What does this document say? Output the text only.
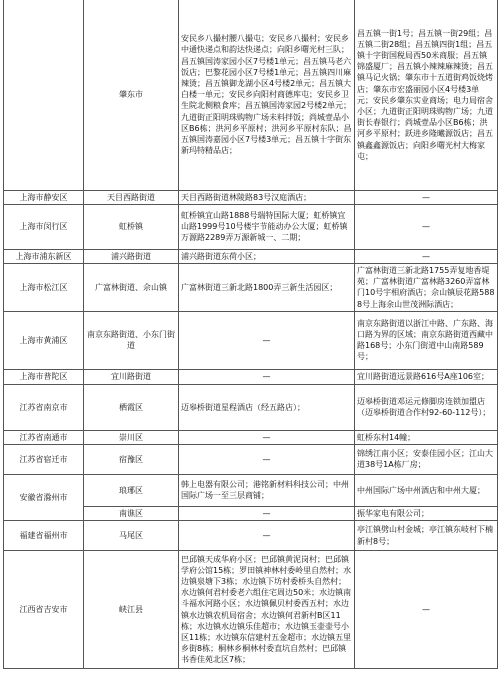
	肇东市	安民乡八撮村腰八撮屯；安民乡八撮村；安民乡中通快递点和韵达快递点；向阳乡曙光村三队；昌五镇国涛家园小区7号楼1单元；昌五镇马老六饭店；巴黎花园小区7号楼1单元；昌五镇四川麻辣烫；昌五镇御龙湖小区4号楼2单元；昌五镇大白楼一单元；安民乡向阳村商德库屯；安民乡卫生院北侧粮食库；昌五镇国涛家园2号楼2单元；九道街正阳明珠购物广场未料拌饭；尚城壹品小区B6栋；洪河乡平原村；洪河乡平原村东队；昌五镇国涛嘉园小区7号楼3单元；昌五镇十字街东新玛特精品店；	昌五镇一街1号；昌五镇一街29组；昌五镇二街28组；昌五镇四街1组；昌五镇十字街国税局西50米商服；昌五镇锦盛厦厂；昌五镇小辣辣麻辣烫；昌五镇马记火锅；肇东市十五道街鸡饭烧烤店；肇东市宏盛丽园小区4号楼3单元；安民乡肇东实业商场；电力局宿舍小区；九道街正阳明珠购物广场；九道街长春银行；尚城壹品小区B6栋；洪河乡平原村；跃进乡隆曦源饭店；昌五镇鑫鑫源饭店；向阳乡曙光村大梅家屯；
上海市静安区	天目西路街道	天目西路街道林陵路83号汉庭酒店；	—
上海市闵行区	虹桥镇	虹桥镇宜山路1888号瑞特国际大厦；虹桥镇宜山路1999号10号楼宇节能动办公大厦；虹桥镇万源路2289弄万源新城一、二期；	—
上海市浦东新区	浦兴路街道	浦兴路街道东荷小区；	—
上海市松江区	广富林街道、佘山镇	广富林街道三新北路1800弄三新生活园区；	广富林街道三新北路1755弄复地香堤苑；广富林街道广富林路3260弄富林门10号宇相府酒店；佘山镇辰花路5888号上海余山世茂洲际酒店；
上海市黄浦区	南京东路街道、小东门街道	—	南京东路街道以浙江中路、广东路、海口路为界的区域；南京东路街道西藏中路168号；小东门街道中山南路589号；
上海市普陀区	宜川路街道	—	宜川路街道远景路616号A座106室；
江苏省南京市	栖霞区	迈皋桥街道星程酒店（经五路店）；	迈皋桥街道邓运元修脚房连锁加盟店（迈皋桥街道合作村92-60-112号）；
江苏省南通市	崇川区	—	虹桥东村14幢；
江苏省宿迁市	宿豫区	—	锦绣江南小区；安泰佳园小区；江山大道38号1A栋厂房；
安徽省滁州市	琅琊区	韩上电器有限公司；港铭新材料科技公司；中州国际广场一至三层商铺；	中州国际广场中州酒店和中州大厦；
	南谯区	—	振华家电有限公司；
福建省福州市	马尾区	—	亭江镇劈山村金城；亭江镇东岐村下楠新村8号；
江西省吉安市	峡江县	巴邱镇天成华府小区；巴邱镇黄泥岗村；巴邱镇学府公馆15栋；罗田镇神林村委岭里自然村；水边镇泉塘下3栋；水边镇下坊村委桥头自然村；水边镇何君村委老六组住宅周边50米；水边镇南斗福水河路小区；水边镇佩贝村委西五村；水边镇水边镇农机局宿舍；水边镇何君新村B区11栋；水边镇水边镇乐佳超市；水边镇玉壶壶号小区11栋；水边镇东信建村五金超市；水边镇五里乡街8栋；桐林乡桐林村委直坑自然村；巴邱镇书香佳苑北区7栋；	—
